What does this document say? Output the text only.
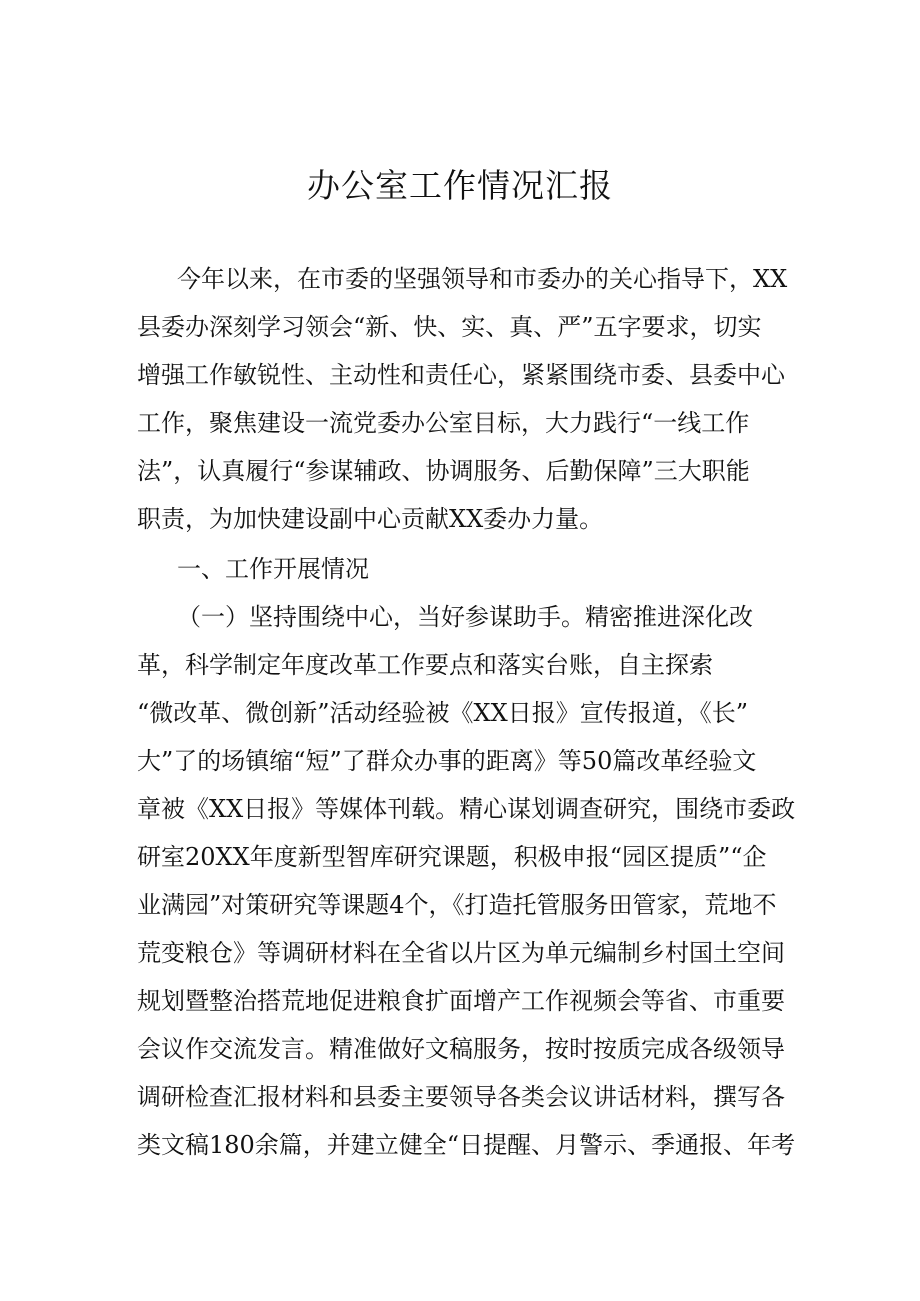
办公室工作情况汇报

今年以来，在市委的坚强领导和市委办的关心指导下，XX

县委办深刻学习领会“新、快、实、真、严”五字要求，切实

增强工作敏锐性、主动性和责任心，紧紧围绕市委、县委中心

工作，聚焦建设一流党委办公室目标，大力践行“一线工作

法”，认真履行“参谋辅政、协调服务、后勤保障”三大职能

职责，为加快建设副中心贡献XX委办力量。

一、工作开展情况

（一）坚持围绕中心，当好参谋助手。精密推进深化改

革，科学制定年度改革工作要点和落实台账，自主探索

“微改革、微创新”活动经验被《XX日报》宣传报道，《长”

大”了的场镇缩“短”了群众办事的距离》等50篇改革经验文

章被《XX日报》等媒体刊载。精心谋划调查研究，围绕市委政

研室20XX年度新型智库研究课题，积极申报“园区提质”“企

业满园”对策研究等课题4个，《打造托管服务田管家，荒地不

荒变粮仓》等调研材料在全省以片区为单元编制乡村国土空间

规划暨整治搭荒地促进粮食扩面增产工作视频会等省、市重要

会议作交流发言。精准做好文稿服务，按时按质完成各级领导

调研检查汇报材料和县委主要领导各类会议讲话材料，撰写各

类文稿180余篇，并建立健全“日提醒、月警示、季通报、年考
